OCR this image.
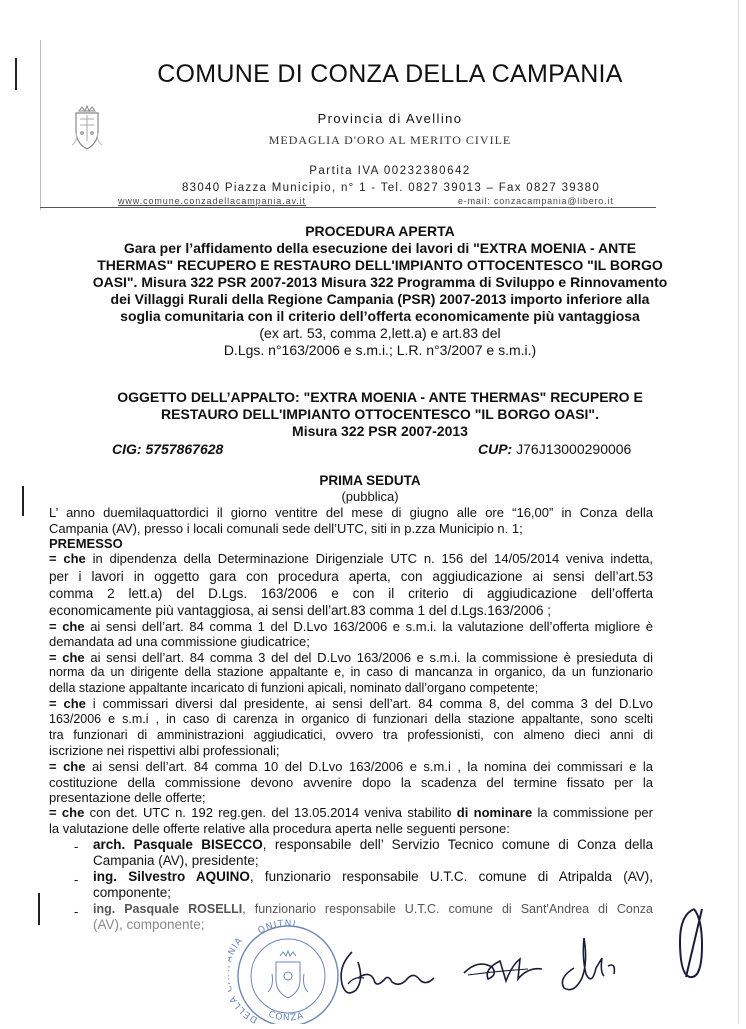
COMUNE DI CONZA DELLA CAMPANIA
Provincia di Avellino
MEDAGLIA D'ORO AL MERITO CIVILE
Partita IVA 00232380642
83040 Piazza Municipio, n° 1 - Tel. 0827 39013 – Fax 0827 39380
www.comune.conzadellacampania.av.it	e-mail: conzacampania@libero.it
PROCEDURA APERTA
Gara per l’affidamento della esecuzione dei lavori di "EXTRA MOENIA - ANTE
THERMAS" RECUPERO E RESTAURO DELL'IMPIANTO OTTOCENTESCO "IL BORGO
OASI". Misura 322 PSR 2007-2013 Misura 322 Programma di Sviluppo e Rinnovamento
dei Villaggi Rurali della Regione Campania (PSR) 2007-2013 importo inferiore alla
soglia comunitaria con il criterio dell’offerta economicamente più vantaggiosa
(ex art. 53, comma 2,lett.a) e art.83 del
D.Lgs. n°163/2006 e s.m.i.; L.R. n°3/2007 e s.m.i.)
OGGETTO DELL’APPALTO: "EXTRA MOENIA - ANTE THERMAS" RECUPERO E
RESTAURO DELL'IMPIANTO OTTOCENTESCO "IL BORGO OASI".
Misura 322 PSR 2007-2013
CIG: 5757867628	CUP: J76J13000290006
PRIMA SEDUTA
(pubblica)
L’ anno duemilaquattordici il giorno ventitre del mese di giugno alle ore “16,00” in Conza della
Campania (AV), presso i locali comunali sede dell’UTC, siti in p.zza Municipio n. 1;
PREMESSO
= che in dipendenza della Determinazione Dirigenziale UTC n. 156 del 14/05/2014 veniva indetta,
per i lavori in oggetto gara con procedura aperta, con aggiudicazione ai sensi dell’art.53
comma 2 lett.a) del D.Lgs. 163/2006 e con il criterio di aggiudicazione dell’offerta
economicamente più vantaggiosa, ai sensi dell’art.83 comma 1 del d.Lgs.163/2006 ;
= che ai sensi dell’art. 84 comma 1 del D.Lvo 163/2006 e s.m.i. la valutazione dell’offerta migliore è
demandata ad una commissione giudicatrice;
= che ai sensi dell’art. 84 comma 3 del del D.Lvo 163/2006 e s.m.i. la commissione è presieduta di
norma da un dirigente della stazione appaltante e, in caso di mancanza in organico, da un funzionario
della stazione appaltante incaricato di funzioni apicali, nominato dall’organo competente;
= che i commissari diversi dal presidente, ai sensi dell’art. 84 comma 8, del comma 3 del D.Lvo
163/2006 e s.m.i , in caso di carenza in organico di funzionari della stazione appaltante, sono scelti
tra funzionari di amministrazioni aggiudicatici, ovvero tra professionisti, con almeno dieci anni di
iscrizione nei rispettivi albi professionali;
= che ai sensi dell’art. 84 comma 10 del D.Lvo 163/2006 e s.m.i , la nomina dei commissari e la
costituzione della commissione devono avvenire dopo la scadenza del termine fissato per la
presentazione delle offerte;
= che con det. UTC n. 192 reg.gen. del 13.05.2014 veniva stabilito di nominare la commissione per
la valutazione delle offerte relative alla procedura aperta nelle seguenti persone:
- arch. Pasquale BISECCO, responsabile dell’ Servizio Tecnico comune di Conza della
Campania (AV), presidente;
- ing. Silvestro AQUINO, funzionario responsabile U.T.C. comune di Atripalda (AV),
componente;
- ing. Pasquale ROSELLI, funzionario responsabile U.T.C. comune di Sant'Andrea di Conza
(AV), componente;
DELLA IA
ONITNI
CONZA
